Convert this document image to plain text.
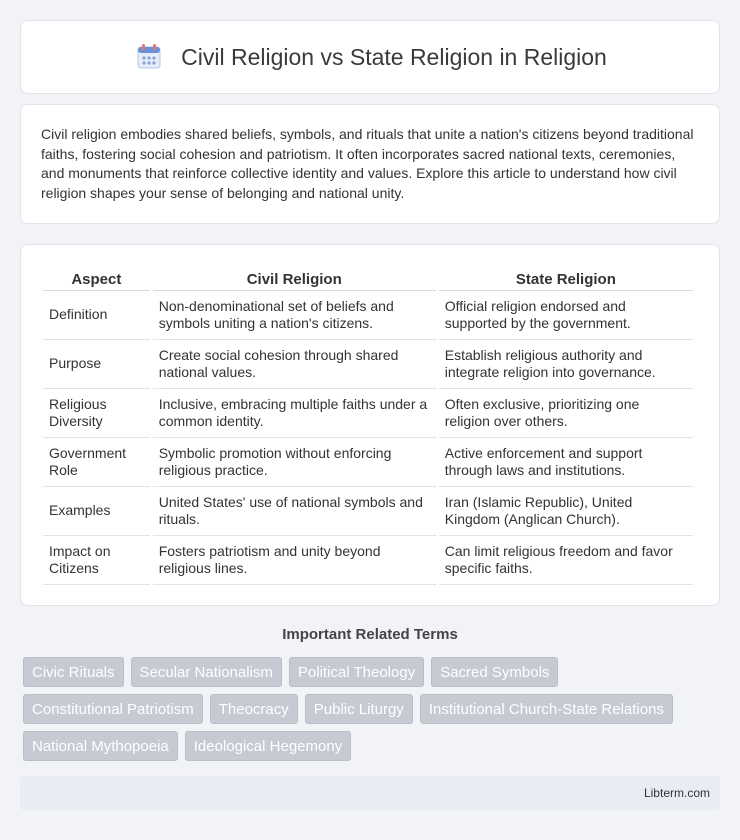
Civil Religion vs State Religion in Religion

Civil religion embodies shared beliefs, symbols, and rituals that unite a nation's citizens beyond traditional faiths, fostering social cohesion and patriotism. It often incorporates sacred national texts, ceremonies, and monuments that reinforce collective identity and values. Explore this article to understand how civil religion shapes your sense of belonging and national unity.

Aspect	Civil Religion	State Religion
Definition	Non-denominational set of beliefs and symbols uniting a nation's citizens.	Official religion endorsed and supported by the government.
Purpose	Create social cohesion through shared national values.	Establish religious authority and integrate religion into governance.
Religious Diversity	Inclusive, embracing multiple faiths under a common identity.	Often exclusive, prioritizing one religion over others.
Government Role	Symbolic promotion without enforcing religious practice.	Active enforcement and support through laws and institutions.
Examples	United States' use of national symbols and rituals.	Iran (Islamic Republic), United Kingdom (Anglican Church).
Impact on Citizens	Fosters patriotism and unity beyond religious lines.	Can limit religious freedom and favor specific faiths.
Important Related Terms
Civic Rituals	Secular Nationalism	Political Theology	Sacred Symbols
Constitutional Patriotism	Theocracy	Public Liturgy	Institutional Church-State Relations
National Mythopoeia	Ideological Hegemony
Libterm.com
